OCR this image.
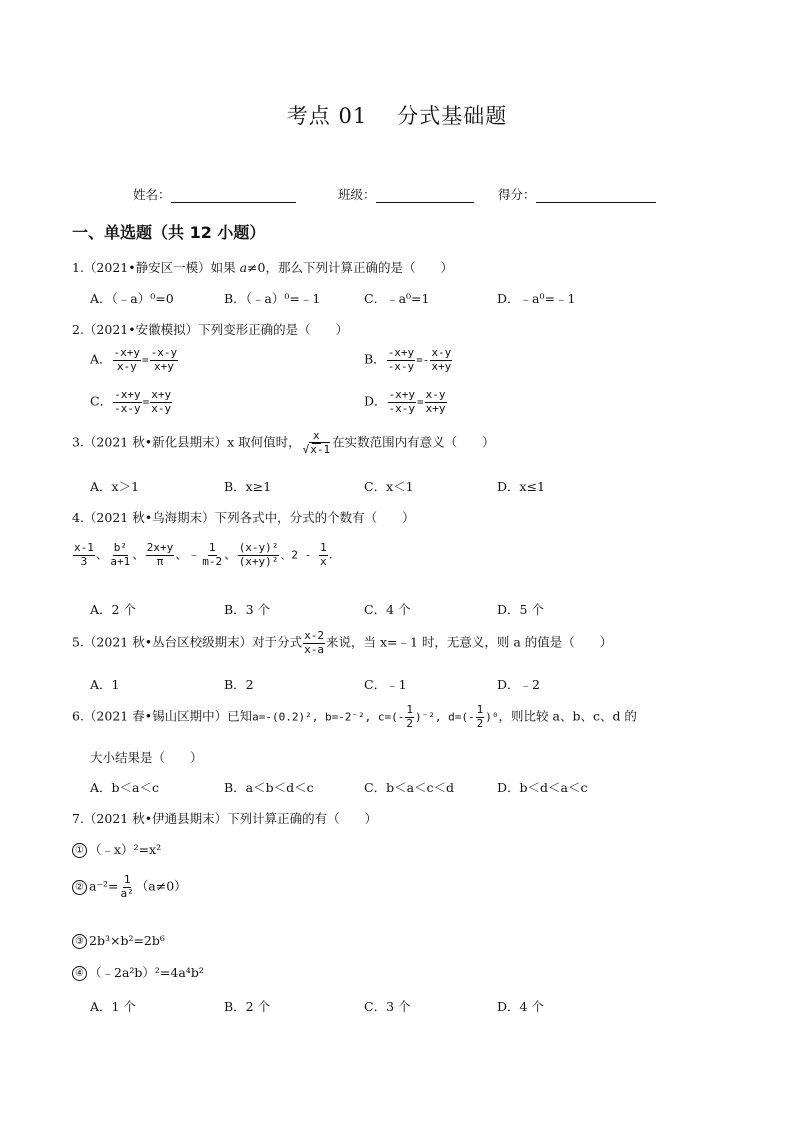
考点 01 分式基础题
姓名：	班级：	得分：
一、单选题（共 12 小题）
1.（2021•静安区一模）如果 a≠0，那么下列计算正确的是（　　）
A．（﹣a）⁰=0	B．（﹣a）⁰=﹣1	C．﹣a⁰=1	D．﹣a⁰=﹣1
2.（2021•安徽模拟）下列变形正确的是（　　）
A． $\frac{-x+y}{x-y} = \frac{-x-y}{x+y}$	B． $\frac{-x+y}{-x-y} =- \frac{x-y}{x+y}$
C． $\frac{-x+y}{-x-y} = \frac{x+y}{x-y}$	D． $\frac{-x+y}{-x-y} = \frac{x-y}{x+y}$
3.（2021 秋•新化县期末）x 取何值时， $\frac{x}{√x-1}$ 在实数范围内有意义（　　）
A．x＞1	B．x≥1	C．x＜1	D．x≤1
4.（2021 秋•乌海期末）下列各式中，分式的个数有（　　）
$\frac{x-1}{3}$ 、 $\frac{\text{b²}}{a+1}$ 、 $\frac{2x+y}{\pi}$ 、﹣ $\frac{1}{m-2}$ 、 $\frac{\text{(x-y)²}}{\text{(x+y)²}}$ 、$2 - \frac{1}{x}$ .
A．2 个	B．3 个	C．4 个	D．5 个
5.（2021 秋•丛台区校级期末）对于分式 $\frac{x-2}{x-a}$ 来说，当 x=﹣1 时，无意义，则 a 的值是（　　）
A．1	B．2	C．﹣1	D．﹣2
6.（2021 春•锡山区期中）已知a=-(0.2)², b=-2⁻², $c=(- \frac{1}{2} )^{-2}$, $d=(- \frac{1}{2} )^0$，则比较 a、b、c、d 的
大小结果是（　　）
A．b＜a＜c	B．a＜b＜d＜c	C．b＜a＜c＜d	D．b＜d＜a＜c
7.（2021 秋•伊通县期末）下列计算正确的有（　　）
① （﹣x）²=x²
② $a^{-2}= \frac{1}{\text{a²}} (a\ne 0)$
③ 2b³×b²=2b⁶
④ （﹣2a²b）²=4a⁴b²
A．1 个	B．2 个	C．3 个	D．4 个
